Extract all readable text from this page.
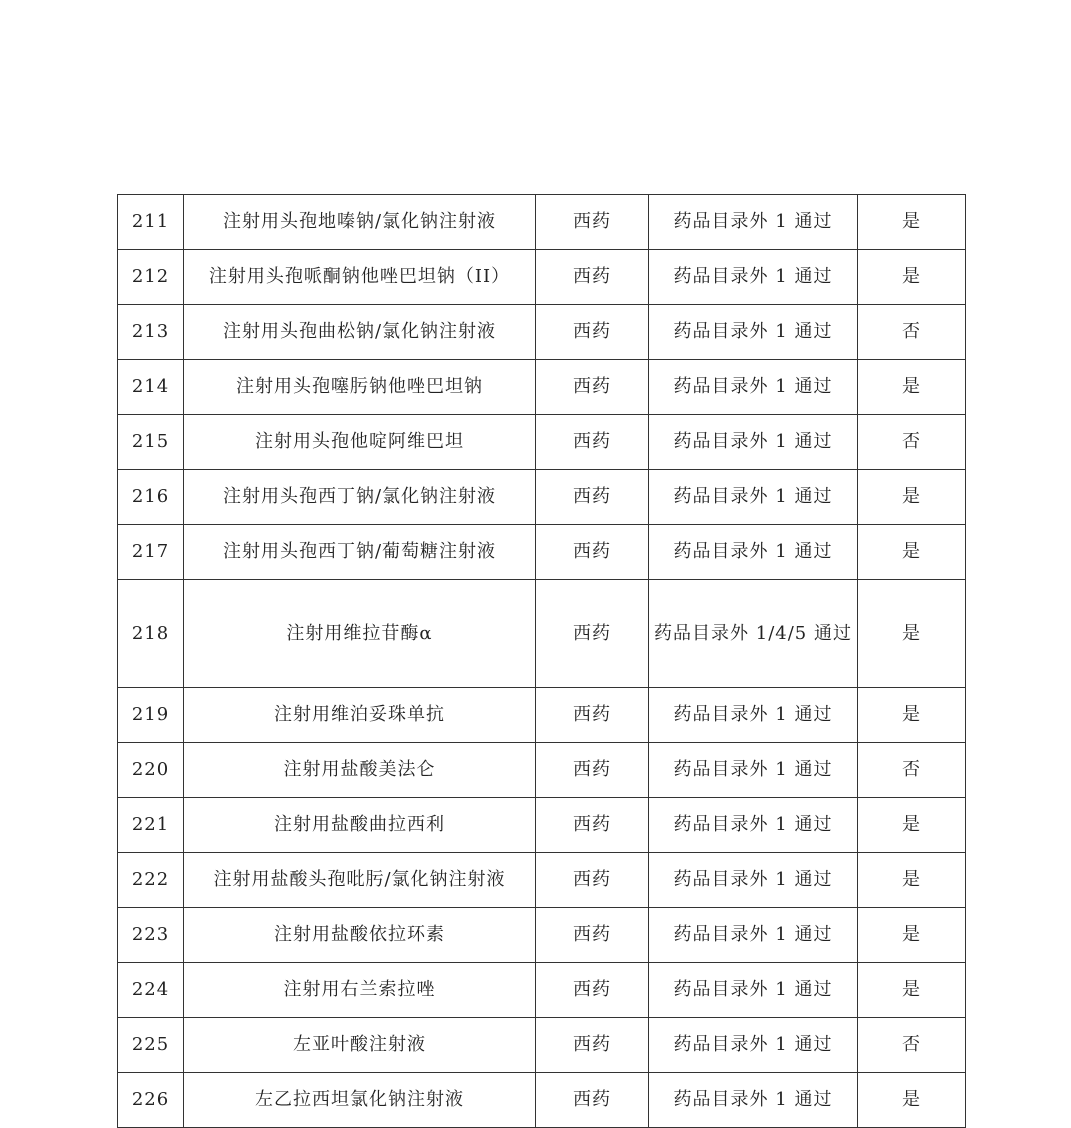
211	注射用头孢地嗪钠/氯化钠注射液	西药	药品目录外 1 通过	是
212	注射用头孢哌酮钠他唑巴坦钠（II）	西药	药品目录外 1 通过	是
213	注射用头孢曲松钠/氯化钠注射液	西药	药品目录外 1 通过	否
214	注射用头孢噻肟钠他唑巴坦钠	西药	药品目录外 1 通过	是
215	注射用头孢他啶阿维巴坦	西药	药品目录外 1 通过	否
216	注射用头孢西丁钠/氯化钠注射液	西药	药品目录外 1 通过	是
217	注射用头孢西丁钠/葡萄糖注射液	西药	药品目录外 1 通过	是
218	注射用维拉苷酶α	西药	药品目录外 1/4/5 通过	是
219	注射用维泊妥珠单抗	西药	药品目录外 1 通过	是
220	注射用盐酸美法仑	西药	药品目录外 1 通过	否
221	注射用盐酸曲拉西利	西药	药品目录外 1 通过	是
222	注射用盐酸头孢吡肟/氯化钠注射液	西药	药品目录外 1 通过	是
223	注射用盐酸依拉环素	西药	药品目录外 1 通过	是
224	注射用右兰索拉唑	西药	药品目录外 1 通过	是
225	左亚叶酸注射液	西药	药品目录外 1 通过	否
226	左乙拉西坦氯化钠注射液	西药	药品目录外 1 通过	是
